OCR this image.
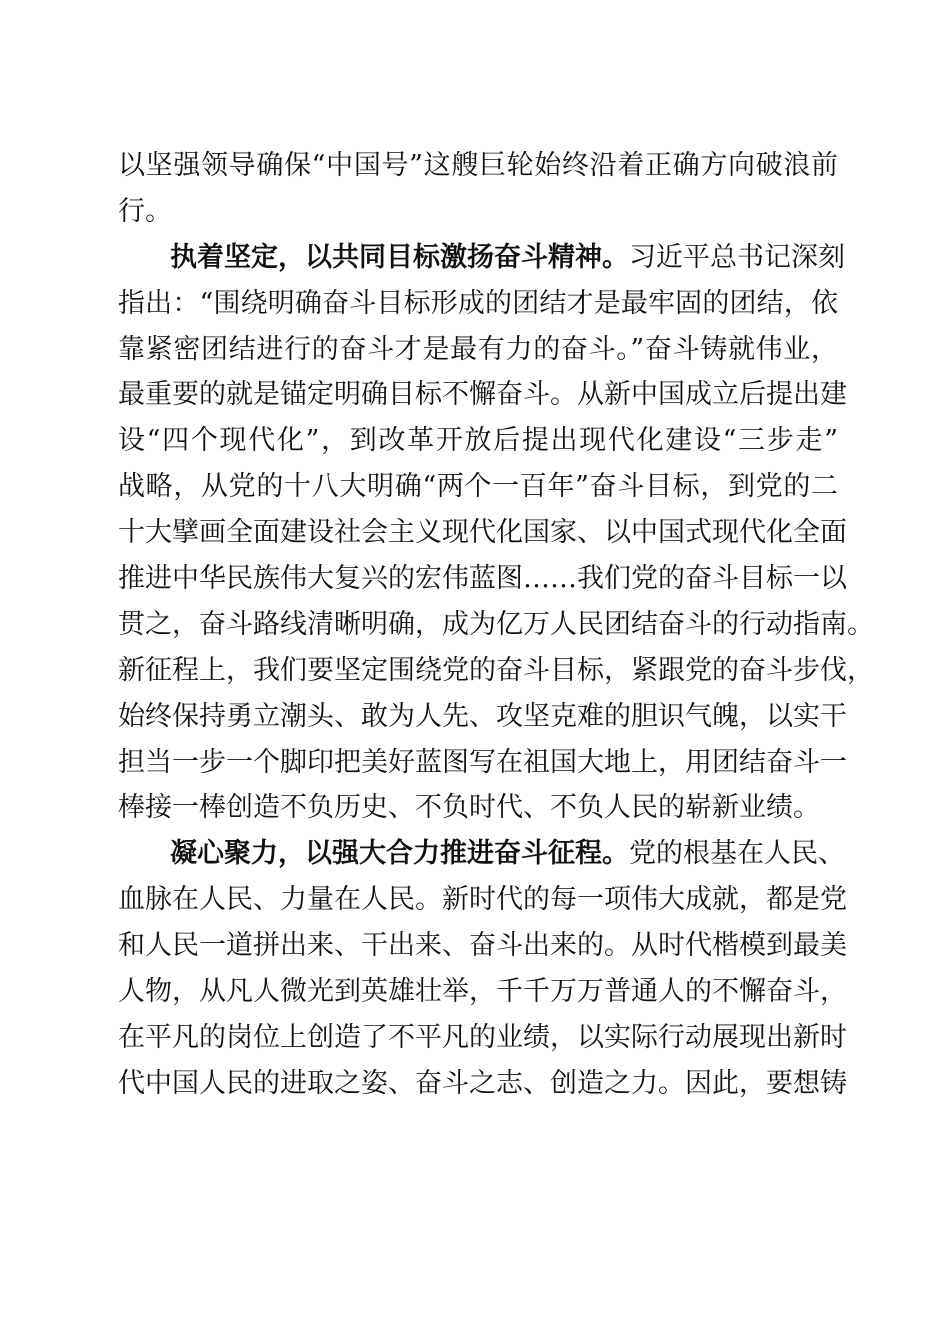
以坚强领导确保“中国号”这艘巨轮始终沿着正确方向破浪前
行。
执着坚定，以共同目标激扬奋斗精神。习近平总书记深刻
指出：“围绕明确奋斗目标形成的团结才是最牢固的团结，依
靠紧密团结进行的奋斗才是最有力的奋斗。”奋斗铸就伟业，
最重要的就是锚定明确目标不懈奋斗。从新中国成立后提出建
设“四个现代化”，到改革开放后提出现代化建设“三步走”
战略，从党的十八大明确“两个一百年”奋斗目标，到党的二
十大擘画全面建设社会主义现代化国家、以中国式现代化全面
推进中华民族伟大复兴的宏伟蓝图……我们党的奋斗目标一以
贯之，奋斗路线清晰明确，成为亿万人民团结奋斗的行动指南。
新征程上，我们要坚定围绕党的奋斗目标，紧跟党的奋斗步伐，
始终保持勇立潮头、敢为人先、攻坚克难的胆识气魄，以实干
担当一步一个脚印把美好蓝图写在祖国大地上，用团结奋斗一
棒接一棒创造不负历史、不负时代、不负人民的崭新业绩。
凝心聚力，以强大合力推进奋斗征程。党的根基在人民、
血脉在人民、力量在人民。新时代的每一项伟大成就，都是党
和人民一道拼出来、干出来、奋斗出来的。从时代楷模到最美
人物，从凡人微光到英雄壮举，千千万万普通人的不懈奋斗，
在平凡的岗位上创造了不平凡的业绩，以实际行动展现出新时
代中国人民的进取之姿、奋斗之志、创造之力。因此，要想铸
